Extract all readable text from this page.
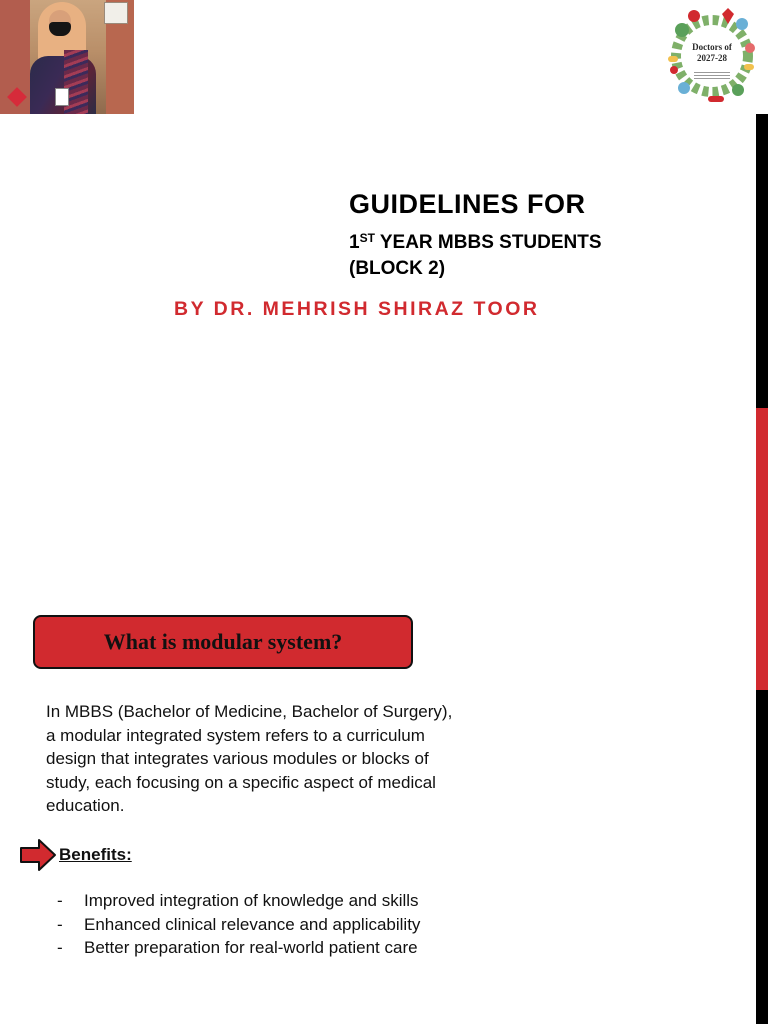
Doctors of
2027-28
GUIDELINES FOR
1ST YEAR MBBS STUDENTS
(BLOCK 2)

BY DR. MEHRISH SHIRAZ TOOR

What is modular system?

In MBBS (Bachelor of Medicine, Bachelor of Surgery), a modular integrated system refers to a curriculum design that integrates various modules or blocks of study, each focusing on a specific aspect of medical education.

Benefits:

- Improved integration of knowledge and skills
- Enhanced clinical relevance and applicability
- Better preparation for real-world patient care
